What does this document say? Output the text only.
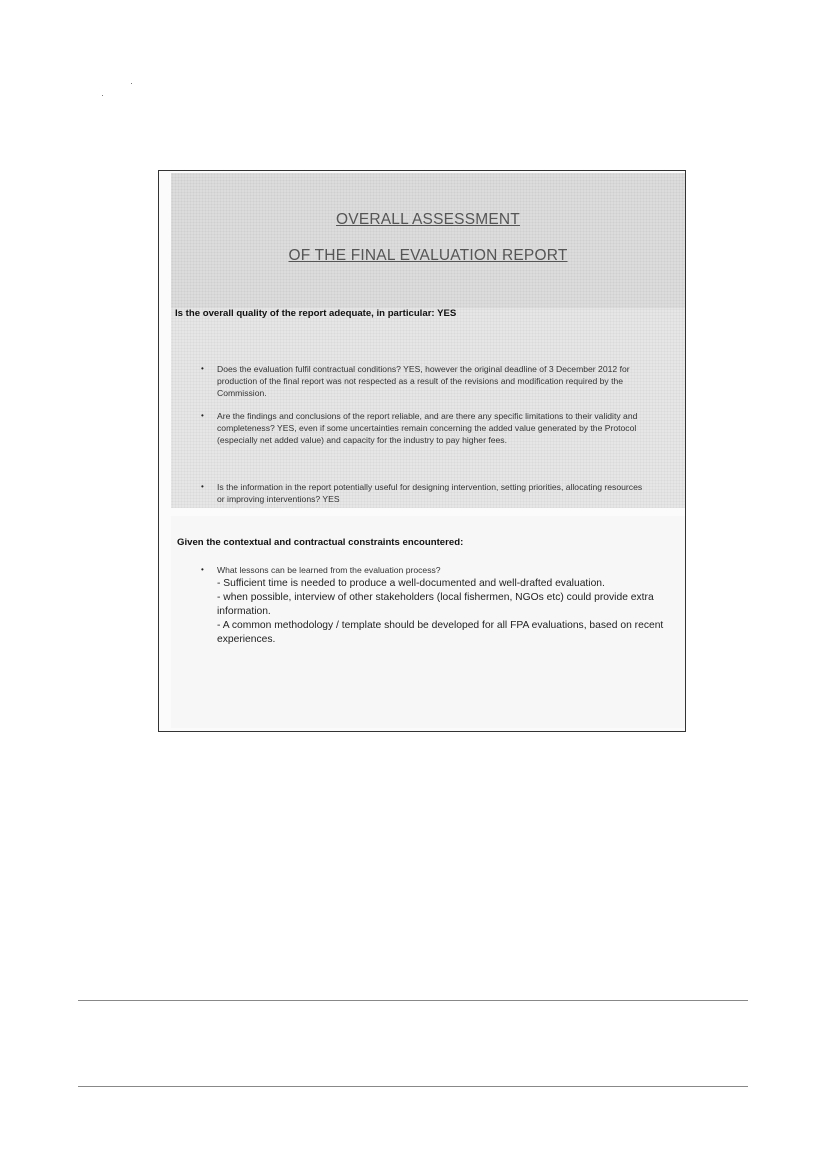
OVERALL ASSESSMENT
OF THE FINAL EVALUATION REPORT
Is the overall quality of the report adequate, in particular: YES
• Does the evaluation fulfil contractual conditions? YES, however the original deadline of 3 December 2012 for production of the final report was not respected as a result of the revisions and modification required by the Commission.
• Are the findings and conclusions of the report reliable, and are there any specific limitations to their validity and completeness? YES, even if some uncertainties remain concerning the added value generated by the Protocol (especially net added value) and capacity for the industry to pay higher fees.
• Is the information in the report potentially useful for designing intervention, setting priorities, allocating resources or improving interventions? YES
Given the contextual and contractual constraints encountered:
• What lessons can be learned from the evaluation process?
- Sufficient time is needed to produce a well-documented and well-drafted evaluation.
- when possible, interview of other stakeholders (local fishermen, NGOs etc) could provide extra information.
- A common methodology / template should be developed for all FPA evaluations, based on recent experiences.
